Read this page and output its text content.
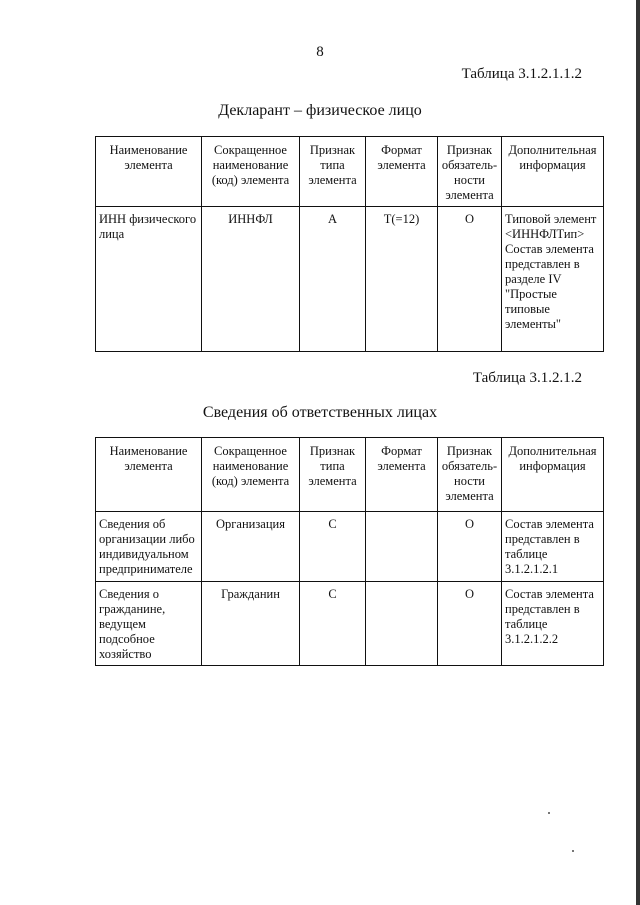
8
Таблица 3.1.2.1.1.2
Декларант – физическое лицо
Наименование элемента	Сокращенное наименование (код) элемента	Признак типа элемента	Формат элемента	Признак обязатель-ности элемента	Дополнительная информация
ИНН физического лица	ИННФЛ	А	Т(=12)	О	Типовой элемент <ИННФЛТип> Состав элемента представлен в разделе IV "Простые типовые элементы"
Таблица 3.1.2.1.2
Сведения об ответственных лицах
Наименование элемента	Сокращенное наименование (код) элемента	Признак типа элемента	Формат элемента	Признак обязатель-ности элемента	Дополнительная информация
Сведения об организации либо индивидуальном предпринимателе	Организация	С		О	Состав элемента представлен в таблице 3.1.2.1.2.1
Сведения о гражданине, ведущем подсобное хозяйство	Гражданин	С		О	Состав элемента представлен в таблице 3.1.2.1.2.2
